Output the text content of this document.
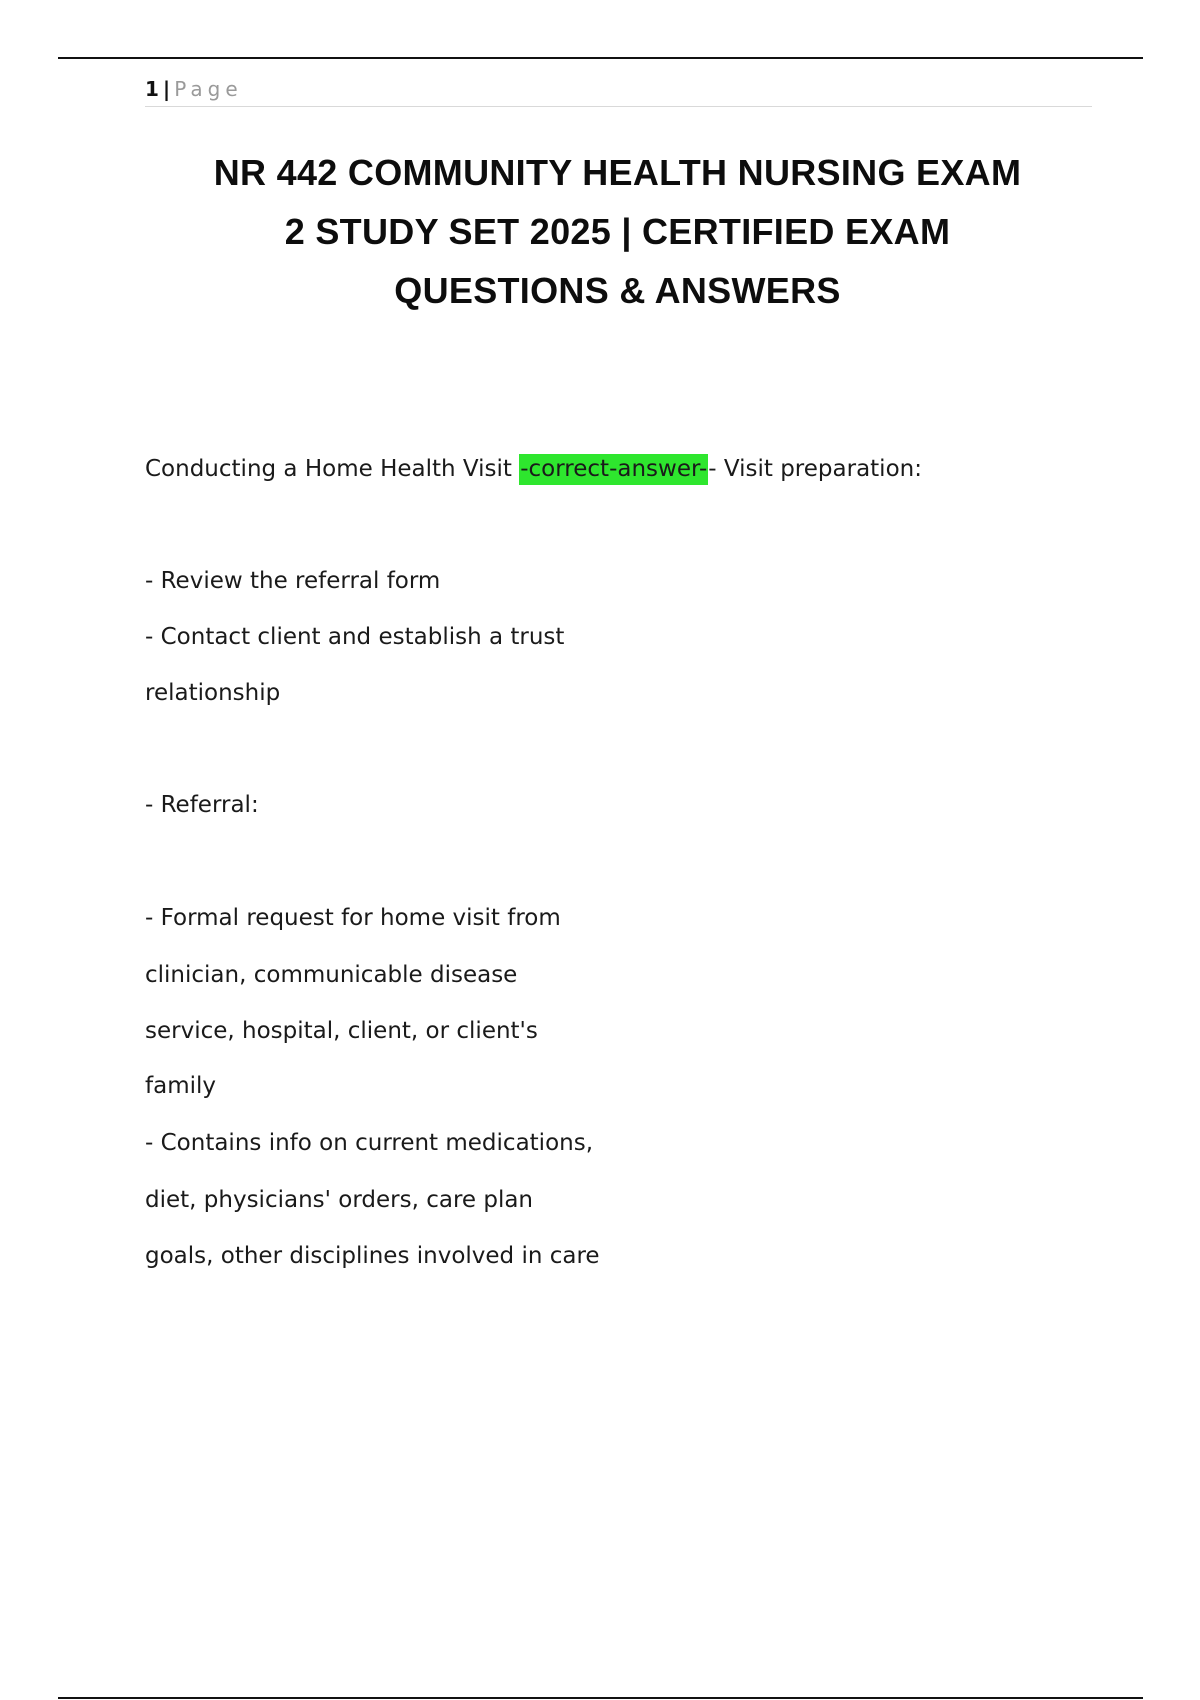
1 | Page
NR 442 COMMUNITY HEALTH NURSING EXAM
2 STUDY SET 2025 | CERTIFIED EXAM
QUESTIONS & ANSWERS
Conducting a Home Health Visit -correct-answer-- Visit preparation:
- Review the referral form
- Contact client and establish a trust
relationship
- Referral:
- Formal request for home visit from
clinician, communicable disease
service, hospital, client, or client's
family
- Contains info on current medications,
diet, physicians' orders, care plan
goals, other disciplines involved in care
